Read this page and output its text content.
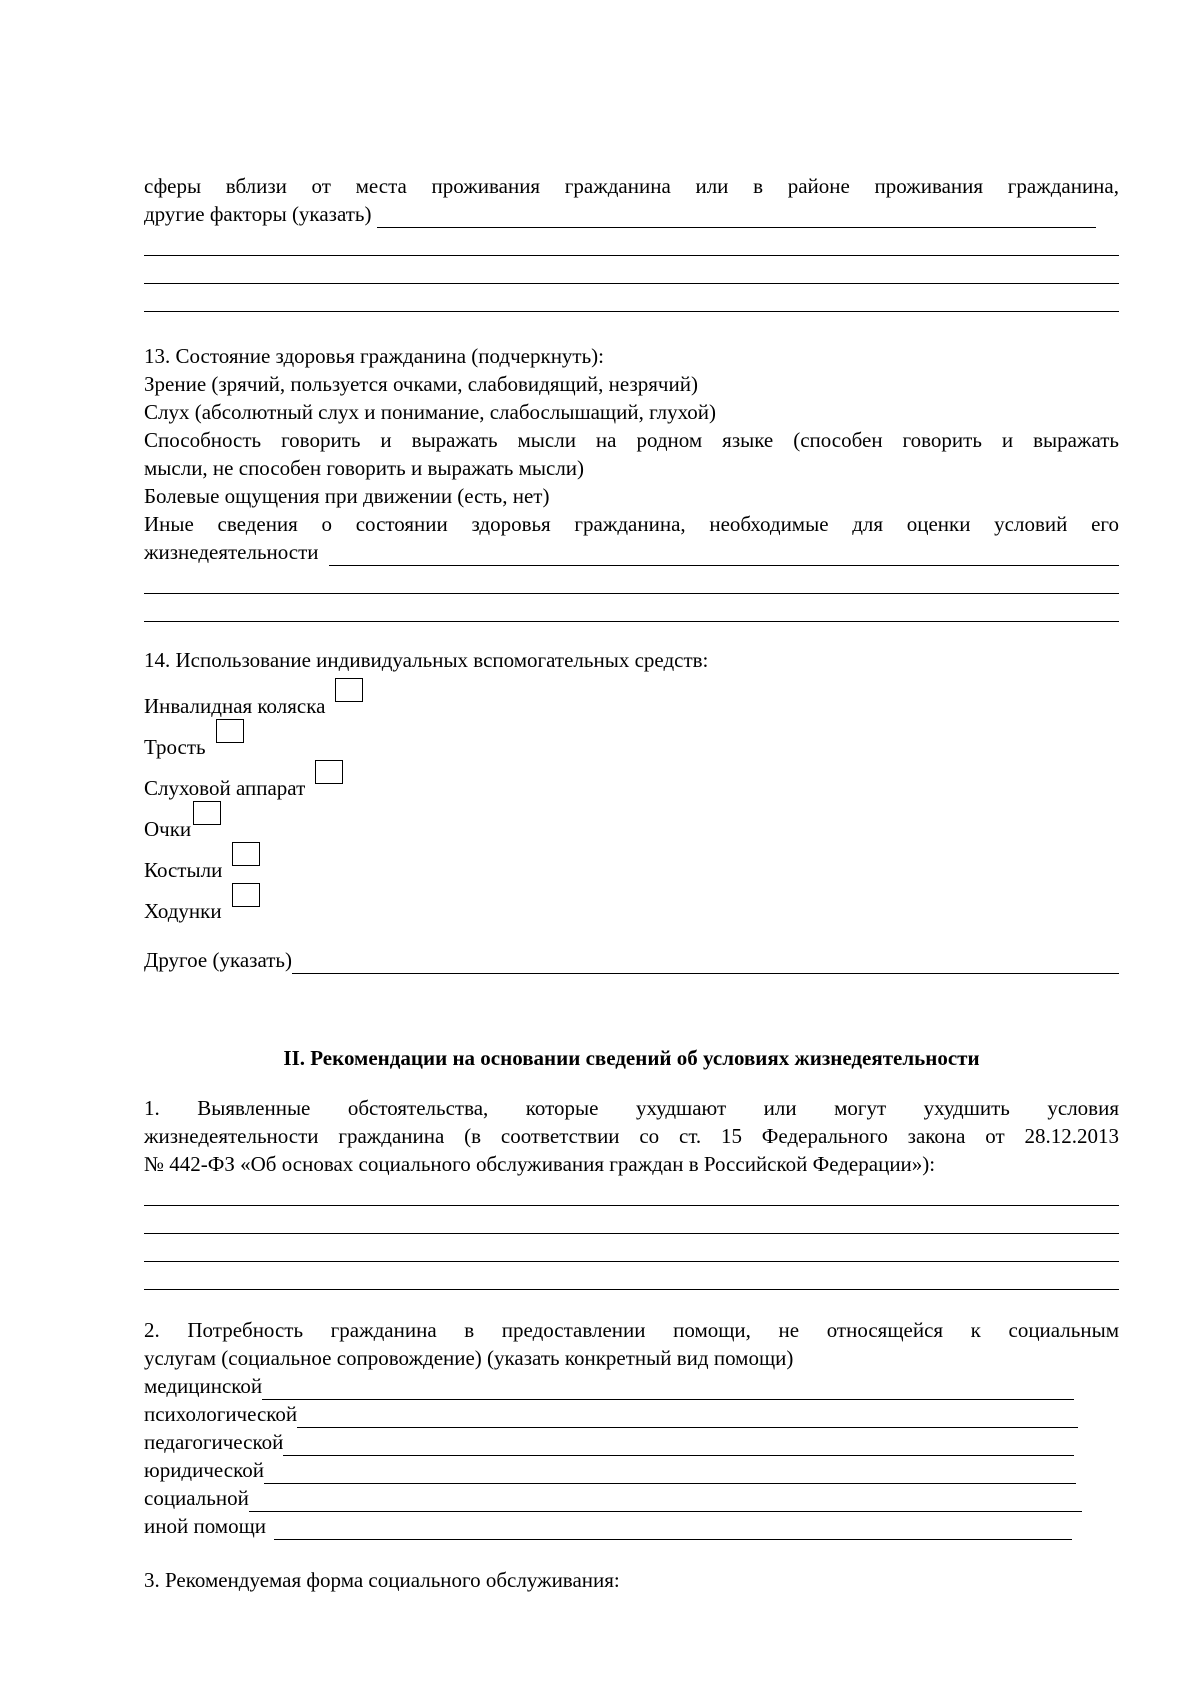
сферы вблизи от места проживания гражданина или в районе проживания гражданина,

другие факторы (указать)

13. Состояние здоровья гражданина (подчеркнуть):

Зрение (зрячий, пользуется очками, слабовидящий, незрячий)

Слух (абсолютный слух и понимание, слабослышащий, глухой)

Способность говорить и выражать мысли на родном языке (способен говорить и выражать

мысли, не способен говорить и выражать мысли)

Болевые ощущения при движении (есть, нет)

Иные сведения о состоянии здоровья гражданина, необходимые для оценки условий его

жизнедеятельности

14. Использование индивидуальных вспомогательных средств:

Инвалидная коляска
Трость
Слуховой аппарат
Очки
Костыли
Ходунки
Другое (указать)
II. Рекомендации на основании сведений об условиях жизнедеятельности

1. Выявленные обстоятельства, которые ухудшают или могут ухудшить условия

жизнедеятельности гражданина (в соответствии со ст. 15 Федерального закона от 28.12.2013

№ 442-ФЗ «Об основах социального обслуживания граждан в Российской Федерации»):

2. Потребность гражданина в предоставлении помощи, не относящейся к социальным

услугам (социальное сопровождение) (указать конкретный вид помощи)

медицинской
психологической
педагогической
юридической
социальной
иной помощи

3. Рекомендуемая форма социального обслуживания:
